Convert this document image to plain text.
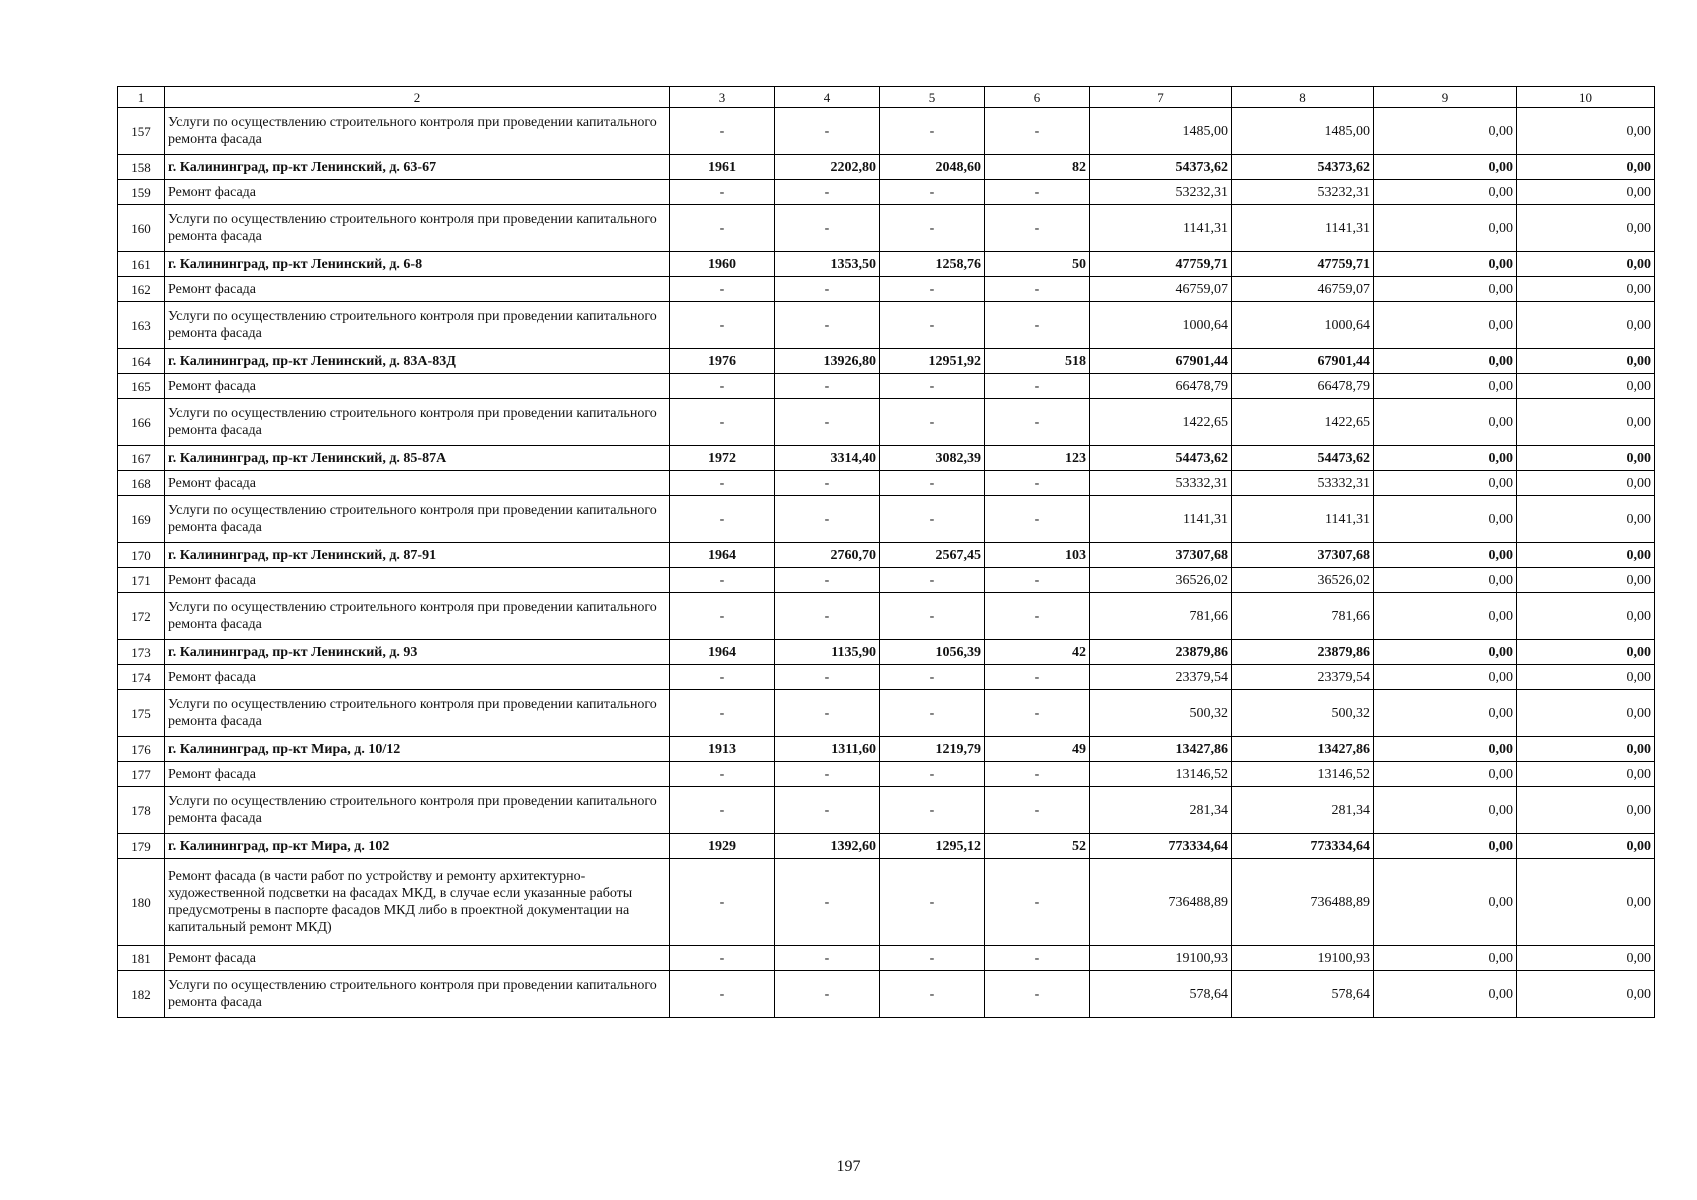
1	2	3	4	5	6	7	8	9	10
157	Услуги по осуществлению строительного контроля при проведении капитального ремонта фасада	-	-	-	-	1485,00	1485,00	0,00	0,00
158	г. Калининград, пр-кт Ленинский, д. 63-67	1961	2202,80	2048,60	82	54373,62	54373,62	0,00	0,00
159	Ремонт фасада	-	-	-	-	53232,31	53232,31	0,00	0,00
160	Услуги по осуществлению строительного контроля при проведении капитального ремонта фасада	-	-	-	-	1141,31	1141,31	0,00	0,00
161	г. Калининград, пр-кт Ленинский, д. 6-8	1960	1353,50	1258,76	50	47759,71	47759,71	0,00	0,00
162	Ремонт фасада	-	-	-	-	46759,07	46759,07	0,00	0,00
163	Услуги по осуществлению строительного контроля при проведении капитального ремонта фасада	-	-	-	-	1000,64	1000,64	0,00	0,00
164	г. Калининград, пр-кт Ленинский, д. 83А-83Д	1976	13926,80	12951,92	518	67901,44	67901,44	0,00	0,00
165	Ремонт фасада	-	-	-	-	66478,79	66478,79	0,00	0,00
166	Услуги по осуществлению строительного контроля при проведении капитального ремонта фасада	-	-	-	-	1422,65	1422,65	0,00	0,00
167	г. Калининград, пр-кт Ленинский, д. 85-87А	1972	3314,40	3082,39	123	54473,62	54473,62	0,00	0,00
168	Ремонт фасада	-	-	-	-	53332,31	53332,31	0,00	0,00
169	Услуги по осуществлению строительного контроля при проведении капитального ремонта фасада	-	-	-	-	1141,31	1141,31	0,00	0,00
170	г. Калининград, пр-кт Ленинский, д. 87-91	1964	2760,70	2567,45	103	37307,68	37307,68	0,00	0,00
171	Ремонт фасада	-	-	-	-	36526,02	36526,02	0,00	0,00
172	Услуги по осуществлению строительного контроля при проведении капитального ремонта фасада	-	-	-	-	781,66	781,66	0,00	0,00
173	г. Калининград, пр-кт Ленинский, д. 93	1964	1135,90	1056,39	42	23879,86	23879,86	0,00	0,00
174	Ремонт фасада	-	-	-	-	23379,54	23379,54	0,00	0,00
175	Услуги по осуществлению строительного контроля при проведении капитального ремонта фасада	-	-	-	-	500,32	500,32	0,00	0,00
176	г. Калининград, пр-кт Мира, д. 10/12	1913	1311,60	1219,79	49	13427,86	13427,86	0,00	0,00
177	Ремонт фасада	-	-	-	-	13146,52	13146,52	0,00	0,00
178	Услуги по осуществлению строительного контроля при проведении капитального ремонта фасада	-	-	-	-	281,34	281,34	0,00	0,00
179	г. Калининград, пр-кт Мира, д. 102	1929	1392,60	1295,12	52	773334,64	773334,64	0,00	0,00
180	Ремонт фасада (в части работ по устройству и ремонту архитектурно-художественной подсветки на фасадах МКД, в случае если указанные работы предусмотрены в паспорте фасадов МКД либо в проектной документации на капитальный ремонт МКД)	-	-	-	-	736488,89	736488,89	0,00	0,00
181	Ремонт фасада	-	-	-	-	19100,93	19100,93	0,00	0,00
182	Услуги по осуществлению строительного контроля при проведении капитального ремонта фасада	-	-	-	-	578,64	578,64	0,00	0,00
197
